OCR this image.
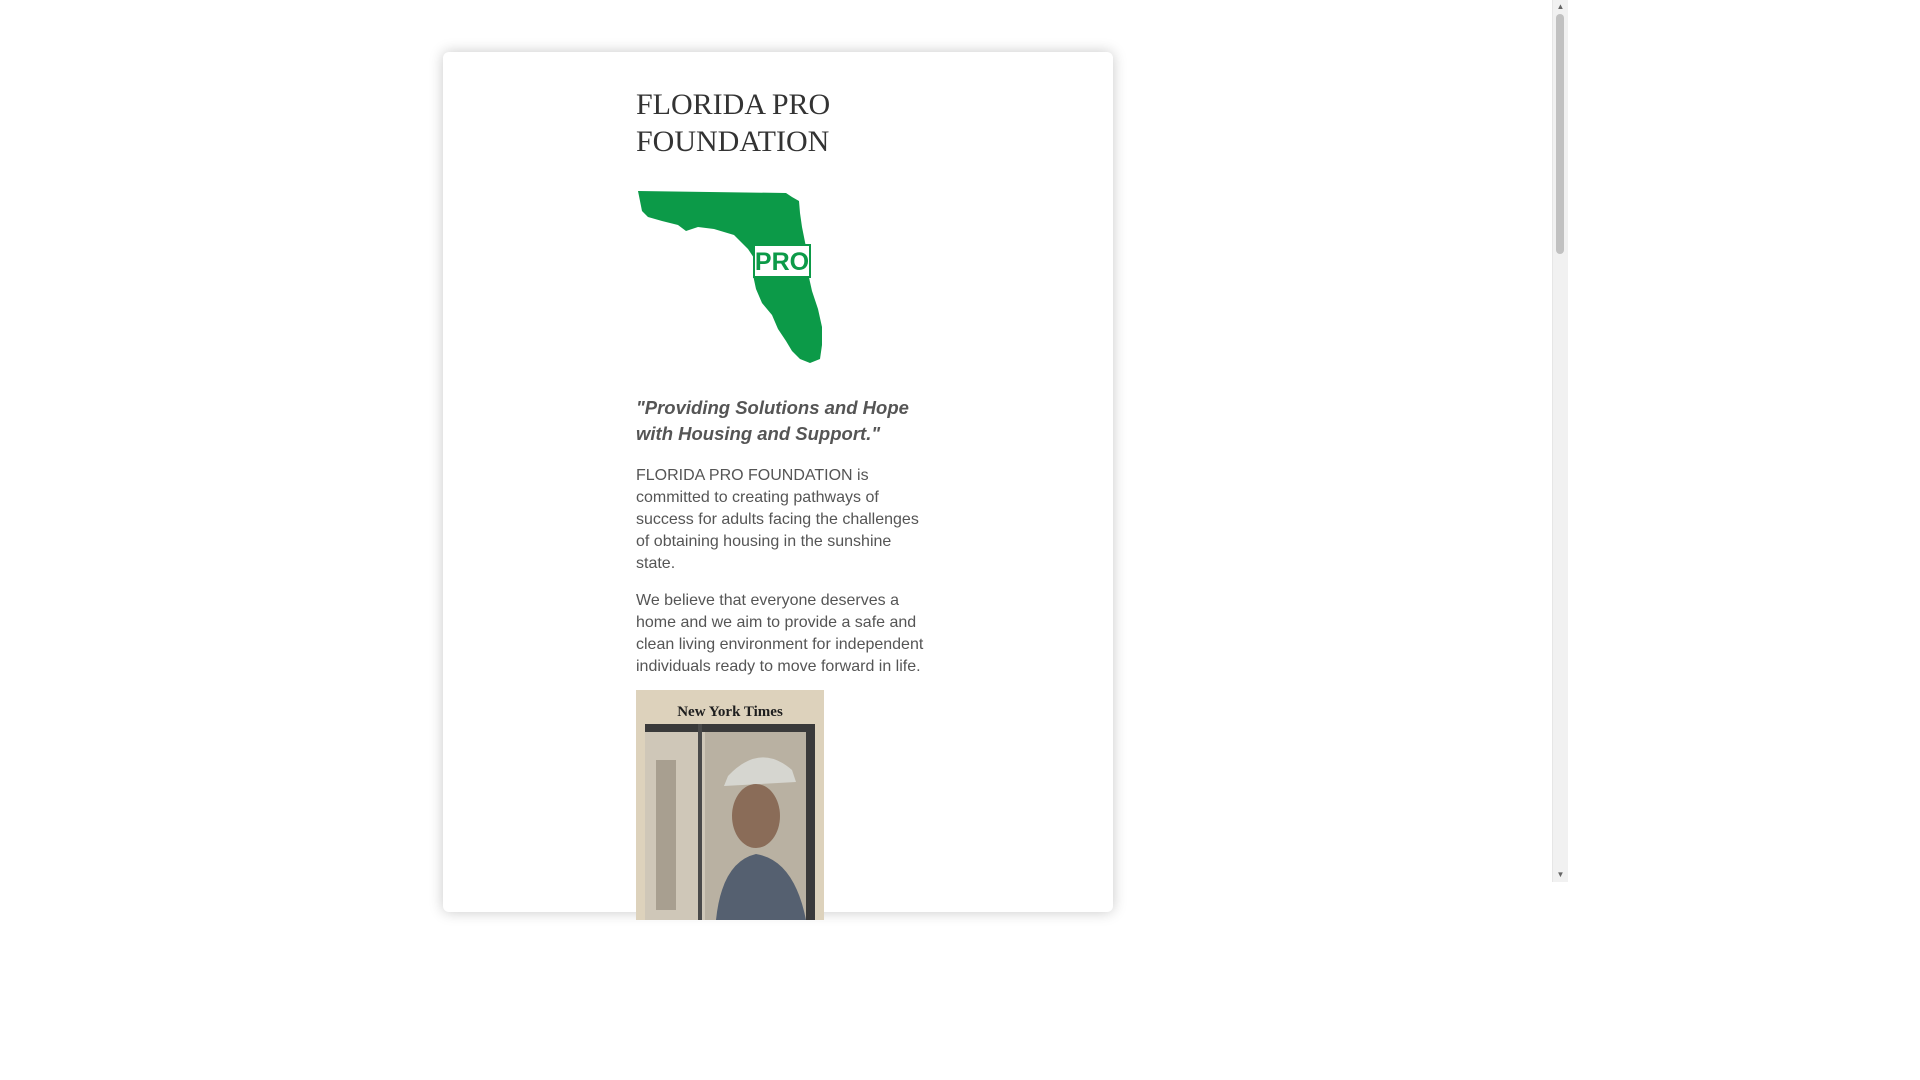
FLORIDA PRO FOUNDATION
PRO

"Providing Solutions and Hope with Housing and Support."

FLORIDA PRO FOUNDATION is committed to creating pathways of success for adults facing the challenges of obtaining housing in the sunshine state.

We believe that everyone deserves a home and we aim to provide a safe and clean living environment for independent individuals ready to move forward in life.

New York Times
▲
▼
